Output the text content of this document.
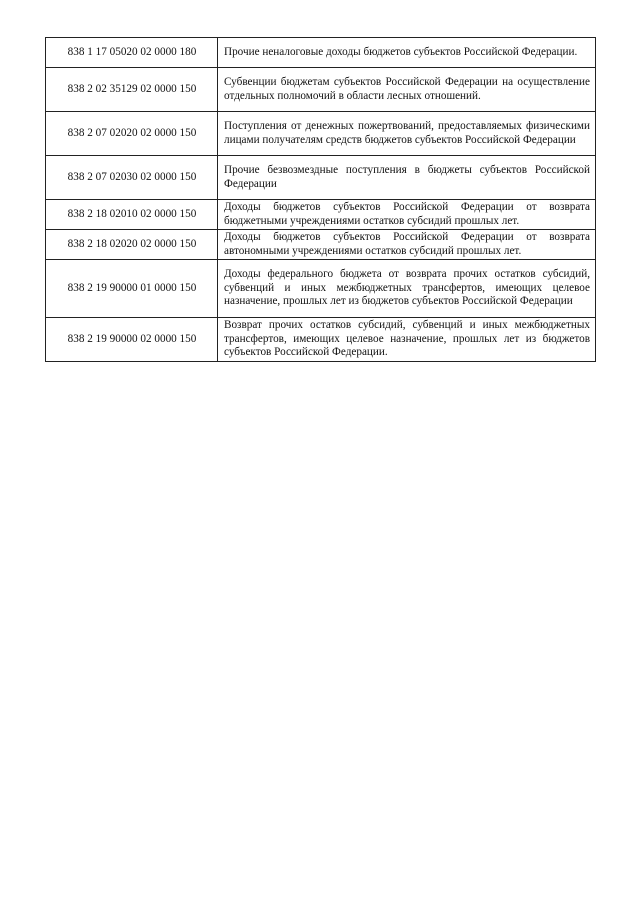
838 1 17 05020 02 0000 180	Прочие неналоговые доходы бюджетов субъектов Российской Федерации.
838 2 02 35129 02 0000 150	Субвенции бюджетам субъектов Российской Федерации на осуществление отдельных полномочий в области лесных отношений.
838 2 07 02020 02 0000 150	Поступления от денежных пожертвований, предоставляемых физическими лицами получателям средств бюджетов субъектов Российской Федерации
838 2 07 02030 02 0000 150	Прочие безвозмездные поступления в бюджеты субъектов Российской Федерации
838 2 18 02010 02 0000 150	Доходы бюджетов субъектов Российской Федерации от возврата бюджетными учреждениями остатков субсидий прошлых лет.
838 2 18 02020 02 0000 150	Доходы бюджетов субъектов Российской Федерации от возврата автономными учреждениями остатков субсидий прошлых лет.
838 2 19 90000 01 0000 150	Доходы федерального бюджета от возврата прочих остатков субсидий, субвенций и иных межбюджетных трансфертов, имеющих целевое назначение, прошлых лет из бюджетов субъектов Российской Федерации
838 2 19 90000 02 0000 150	Возврат прочих остатков субсидий, субвенций и иных межбюджетных трансфертов, имеющих целевое назначение, прошлых лет из бюджетов субъектов Российской Федерации.
